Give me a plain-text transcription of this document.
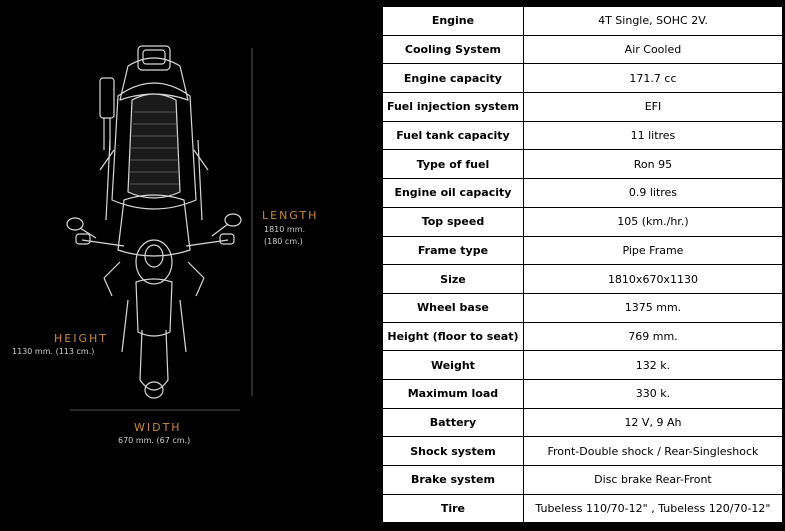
LENGTH
1810 mm.
(180 cm.)
HEIGHT
1130 mm. (113 cm.)
WIDTH
670 mm. (67 cm.)
Engine	4T Single, SOHC 2V.
Cooling System	Air Cooled
Engine capacity	171.7 cc
Fuel injection system	EFI
Fuel tank capacity	11 litres
Type of fuel	Ron 95
Engine oil capacity	0.9 litres
Top speed	105 (km./hr.)
Frame type	Pipe Frame
Size	1810x670x1130
Wheel base	1375 mm.
Height (floor to seat)	769 mm.
Weight	132 k.
Maximum load	330 k.
Battery	12 V, 9 Ah
Shock system	Front-Double shock / Rear-Singleshock
Brake system	Disc brake Rear-Front
Tire	Tubeless 110/70-12" , Tubeless 120/70-12"
